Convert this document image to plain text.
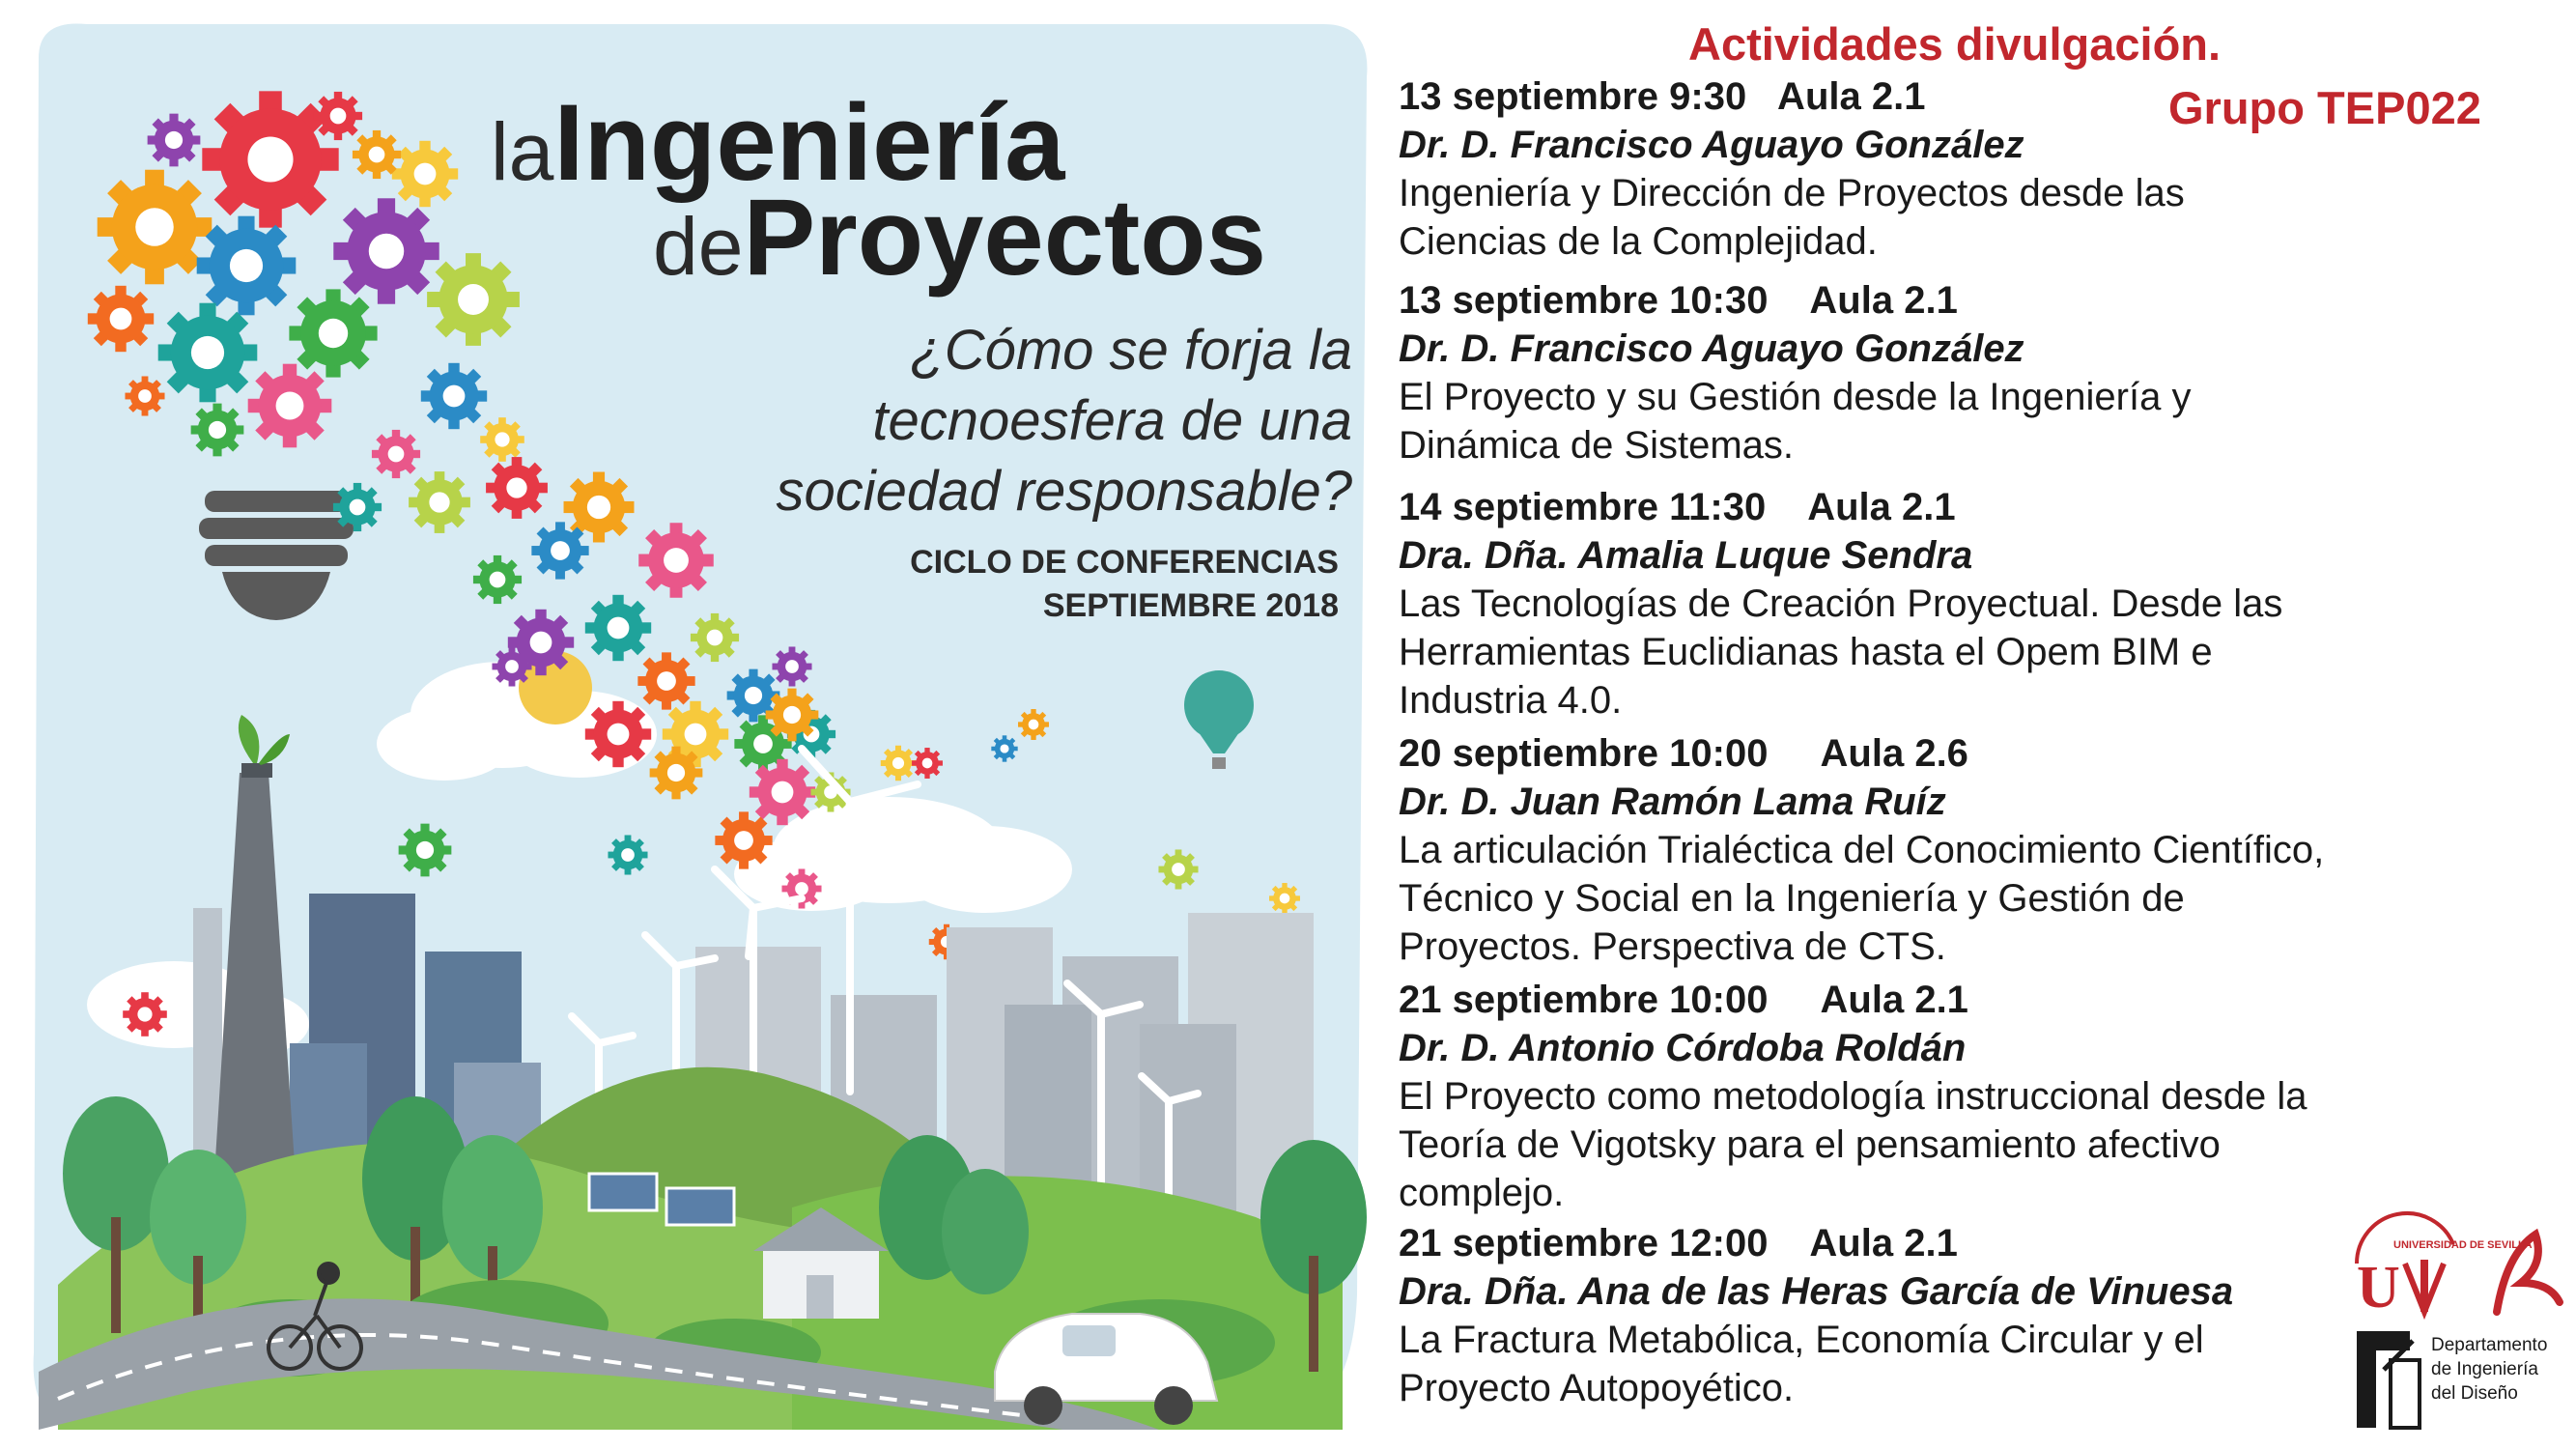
laIngeniería
deProyectos
¿Cómo se forja la
tecnoesfera de una
sociedad responsable?
CICLO DE CONFERENCIAS
SEPTIEMBRE 2018
Actividades divulgación.
Grupo TEP022
13 septiembre 9:30   Aula 2.1
Dr. D. Francisco Aguayo González
Ingeniería y Dirección de Proyectos desde las
Ciencias de la Complejidad.
13 septiembre 10:30    Aula 2.1
Dr. D. Francisco Aguayo González
El Proyecto y su Gestión desde la Ingeniería y
Dinámica de Sistemas.
14 septiembre 11:30    Aula 2.1
Dra. Dña. Amalia Luque Sendra
Las Tecnologías de Creación Proyectual. Desde las
Herramientas Euclidianas hasta el Opem BIM e
Industria 4.0.
20 septiembre 10:00     Aula 2.6
Dr. D. Juan Ramón Lama Ruíz
La articulación Trialéctica del Conocimiento Científico,
Técnico y Social en la Ingeniería y Gestión de
Proyectos. Perspectiva de CTS.
21 septiembre 10:00     Aula 2.1
Dr. D. Antonio Córdoba Roldán
El Proyecto como metodología instruccional desde la
Teoría de Vigotsky para el pensamiento afectivo
complejo.
21 septiembre 12:00    Aula 2.1
Dra. Dña. Ana de las Heras García de Vinuesa
La Fractura Metabólica, Economía Circular y el
Proyecto Autopoyético.
UNIVERSIDAD DE SEVILLA
U
Departamento
de Ingeniería
del Diseño
